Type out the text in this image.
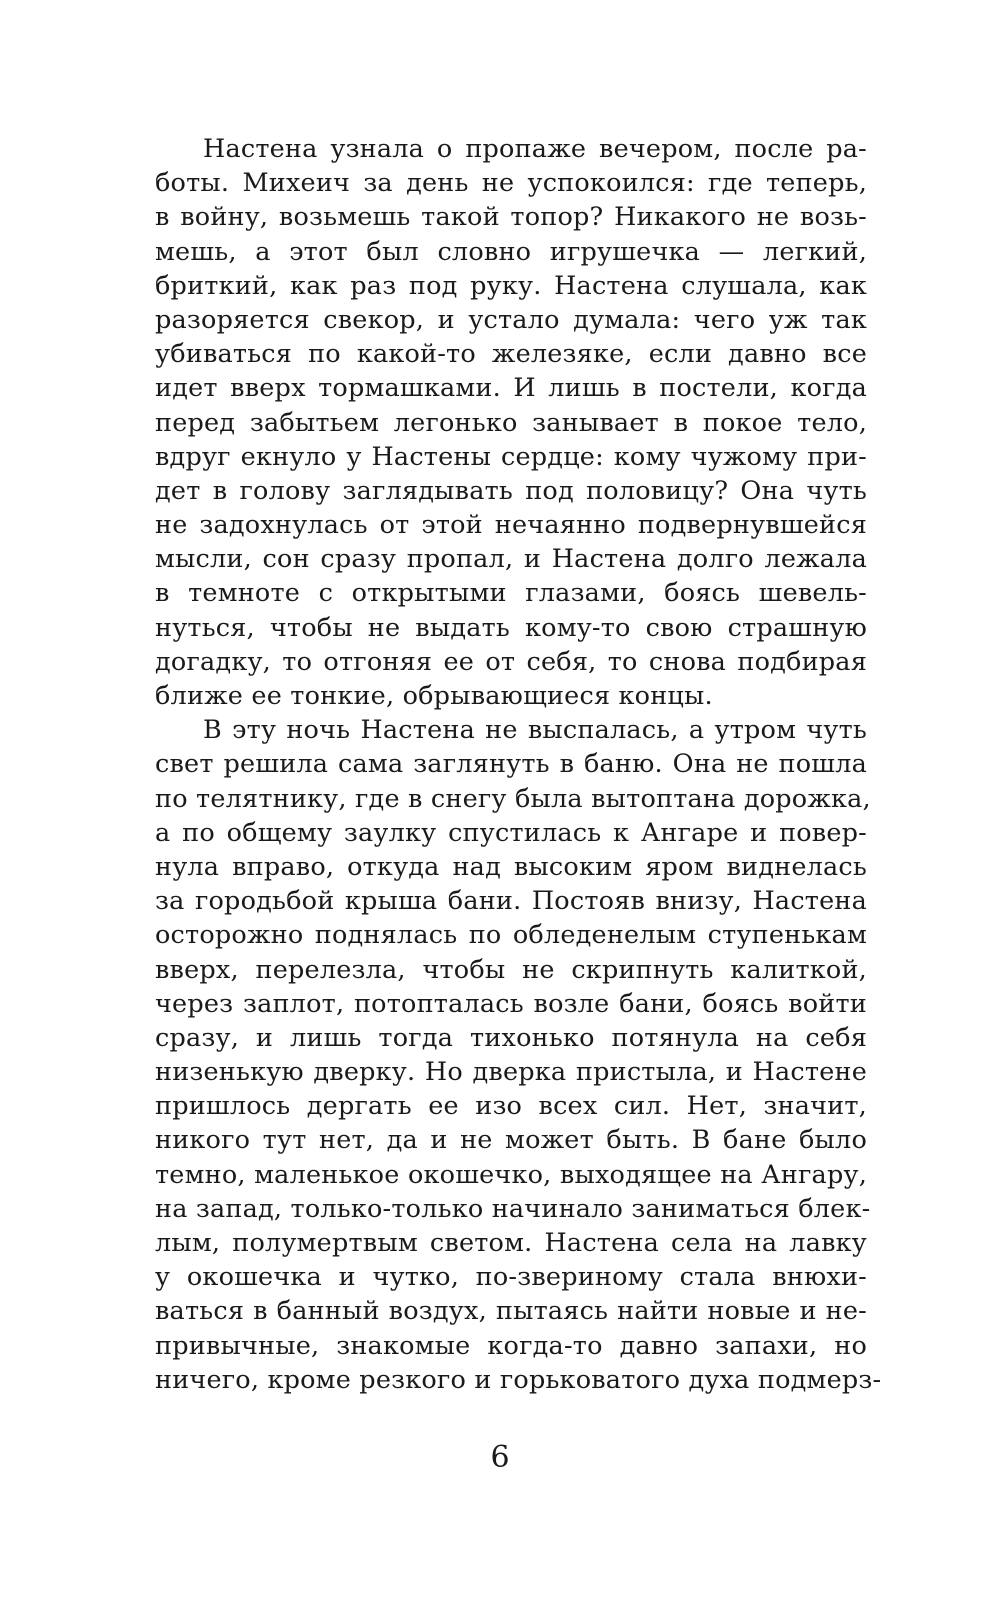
Настена узнала о пропаже вечером, после ра-
боты. Михеич за день не успокоился: где теперь,
в войну, возьмешь такой топор? Никакого не возь-
мешь, а этот был словно игрушечка — легкий,
бриткий, как раз под руку. Настена слушала, как
разоряется свекор, и устало думала: чего уж так
убиваться по какой-то железяке, если давно все
идет вверх тормашками. И лишь в постели, когда
перед забытьем легонько занывает в покое тело,
вдруг екнуло у Настены сердце: кому чужому при-
дет в голову заглядывать под половицу? Она чуть
не задохнулась от этой нечаянно подвернувшейся
мысли, сон сразу пропал, и Настена долго лежала
в темноте с открытыми глазами, боясь шевель-
нуться, чтобы не выдать кому-то свою страшную
догадку, то отгоняя ее от себя, то снова подбирая
ближе ее тонкие, обрывающиеся концы.
В эту ночь Настена не выспалась, а утром чуть
свет решила сама заглянуть в баню. Она не пошла
по телятнику, где в снегу была вытоптана дорожка,
а по общему заулку спустилась к Ангаре и повер-
нула вправо, откуда над высоким яром виднелась
за городьбой крыша бани. Постояв внизу, Настена
осторожно поднялась по обледенелым ступенькам
вверх, перелезла, чтобы не скрипнуть калиткой,
через заплот, потопталась возле бани, боясь войти
сразу, и лишь тогда тихонько потянула на себя
низенькую дверку. Но дверка пристыла, и Настене
пришлось дергать ее изо всех сил. Нет, значит,
никого тут нет, да и не может быть. В бане было
темно, маленькое окошечко, выходящее на Ангару,
на запад, только-только начинало заниматься блек-
лым, полумертвым светом. Настена села на лавку
у окошечка и чутко, по-звериному стала внюхи-
ваться в банный воздух, пытаясь найти новые и не-
привычные, знакомые когда-то давно запахи, но
ничего, кроме резкого и горьковатого духа подмерз-
6
